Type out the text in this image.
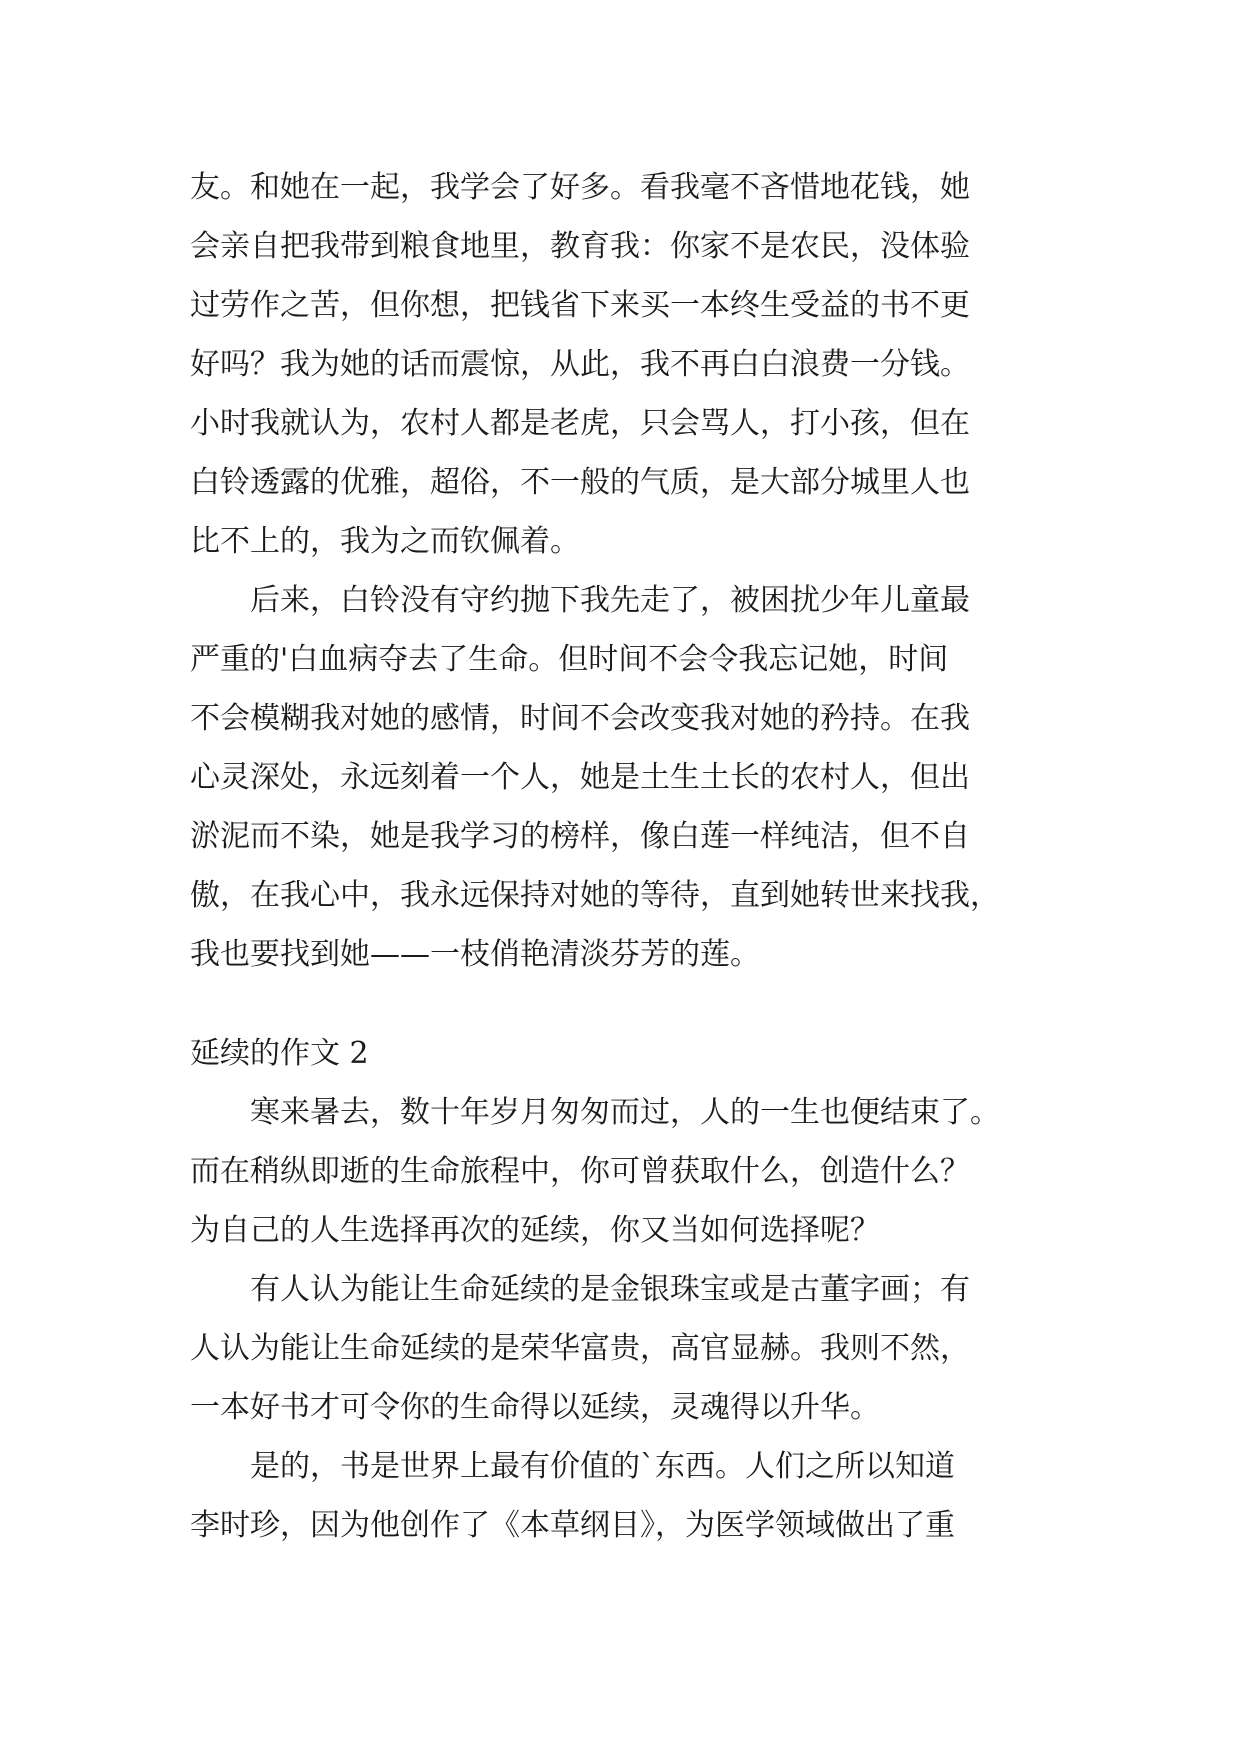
友。和她在一起，我学会了好多。看我毫不吝惜地花钱，她
会亲自把我带到粮食地里，教育我：你家不是农民，没体验
过劳作之苦，但你想，把钱省下来买一本终生受益的书不更
好吗？我为她的话而震惊，从此，我不再白白浪费一分钱。
小时我就认为，农村人都是老虎，只会骂人，打小孩，但在
白铃透露的优雅，超俗，不一般的气质，是大部分城里人也
比不上的，我为之而钦佩着。
后来，白铃没有守约抛下我先走了，被困扰少年儿童最
严重的'白血病夺去了生命。但时间不会令我忘记她，时间
不会模糊我对她的感情，时间不会改变我对她的矜持。在我
心灵深处，永远刻着一个人，她是土生土长的农村人，但出
淤泥而不染，她是我学习的榜样，像白莲一样纯洁，但不自
傲，在我心中，我永远保持对她的等待，直到她转世来找我，
我也要找到她——一枝俏艳清淡芬芳的莲。
延续的作文 2
寒来暑去，数十年岁月匆匆而过，人的一生也便结束了。
而在稍纵即逝的生命旅程中，你可曾获取什么，创造什么？
为自己的人生选择再次的延续，你又当如何选择呢？
有人认为能让生命延续的是金银珠宝或是古董字画；有
人认为能让生命延续的是荣华富贵，高官显赫。我则不然，
一本好书才可令你的生命得以延续，灵魂得以升华。
是的，书是世界上最有价值的`东西。人们之所以知道
李时珍，因为他创作了《本草纲目》，为医学领域做出了重
